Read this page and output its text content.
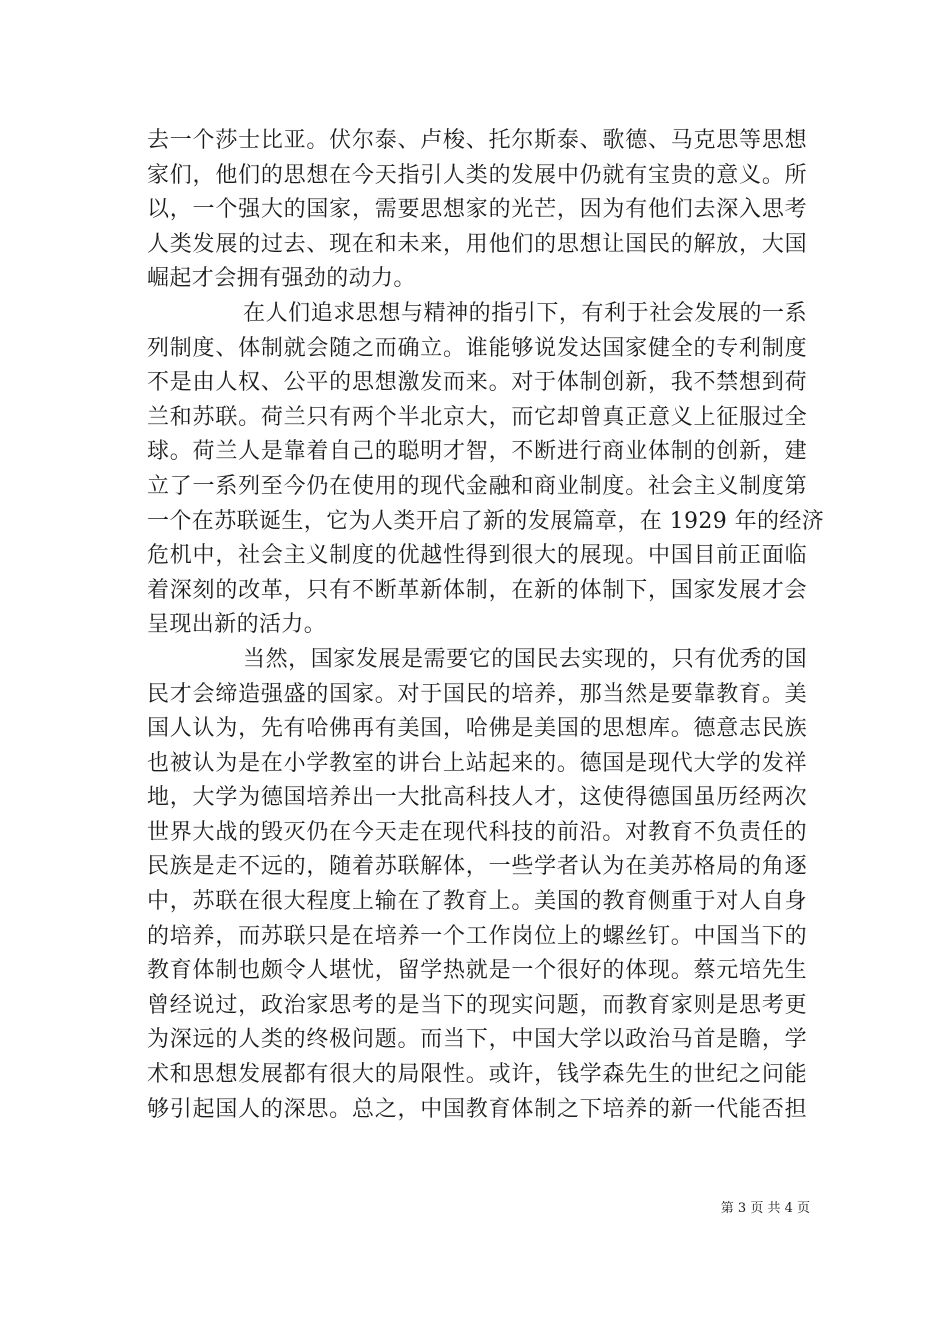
去一个莎士比亚。伏尔泰、卢梭、托尔斯泰、歌德、马克思等思想
家们，他们的思想在今天指引人类的发展中仍就有宝贵的意义。所
以，一个强大的国家，需要思想家的光芒，因为有他们去深入思考
人类发展的过去、现在和未来，用他们的思想让国民的解放，大国
崛起才会拥有强劲的动力。
在人们追求思想与精神的指引下，有利于社会发展的一系
列制度、体制就会随之而确立。谁能够说发达国家健全的专利制度
不是由人权、公平的思想激发而来。对于体制创新，我不禁想到荷
兰和苏联。荷兰只有两个半北京大，而它却曾真正意义上征服过全
球。荷兰人是靠着自己的聪明才智，不断进行商业体制的创新，建
立了一系列至今仍在使用的现代金融和商业制度。社会主义制度第
一个在苏联诞生，它为人类开启了新的发展篇章，在 1929 年的经济
危机中，社会主义制度的优越性得到很大的展现。中国目前正面临
着深刻的改革，只有不断革新体制，在新的体制下，国家发展才会
呈现出新的活力。
当然，国家发展是需要它的国民去实现的，只有优秀的国
民才会缔造强盛的国家。对于国民的培养，那当然是要靠教育。美
国人认为，先有哈佛再有美国，哈佛是美国的思想库。德意志民族
也被认为是在小学教室的讲台上站起来的。德国是现代大学的发祥
地，大学为德国培养出一大批高科技人才，这使得德国虽历经两次
世界大战的毁灭仍在今天走在现代科技的前沿。对教育不负责任的
民族是走不远的，随着苏联解体，一些学者认为在美苏格局的角逐
中，苏联在很大程度上输在了教育上。美国的教育侧重于对人自身
的培养，而苏联只是在培养一个工作岗位上的螺丝钉。中国当下的
教育体制也颇令人堪忧，留学热就是一个很好的体现。蔡元培先生
曾经说过，政治家思考的是当下的现实问题，而教育家则是思考更
为深远的人类的终极问题。而当下，中国大学以政治马首是瞻，学
术和思想发展都有很大的局限性。或许，钱学森先生的世纪之问能
够引起国人的深思。总之，中国教育体制之下培养的新一代能否担
第 3 页 共 4 页
